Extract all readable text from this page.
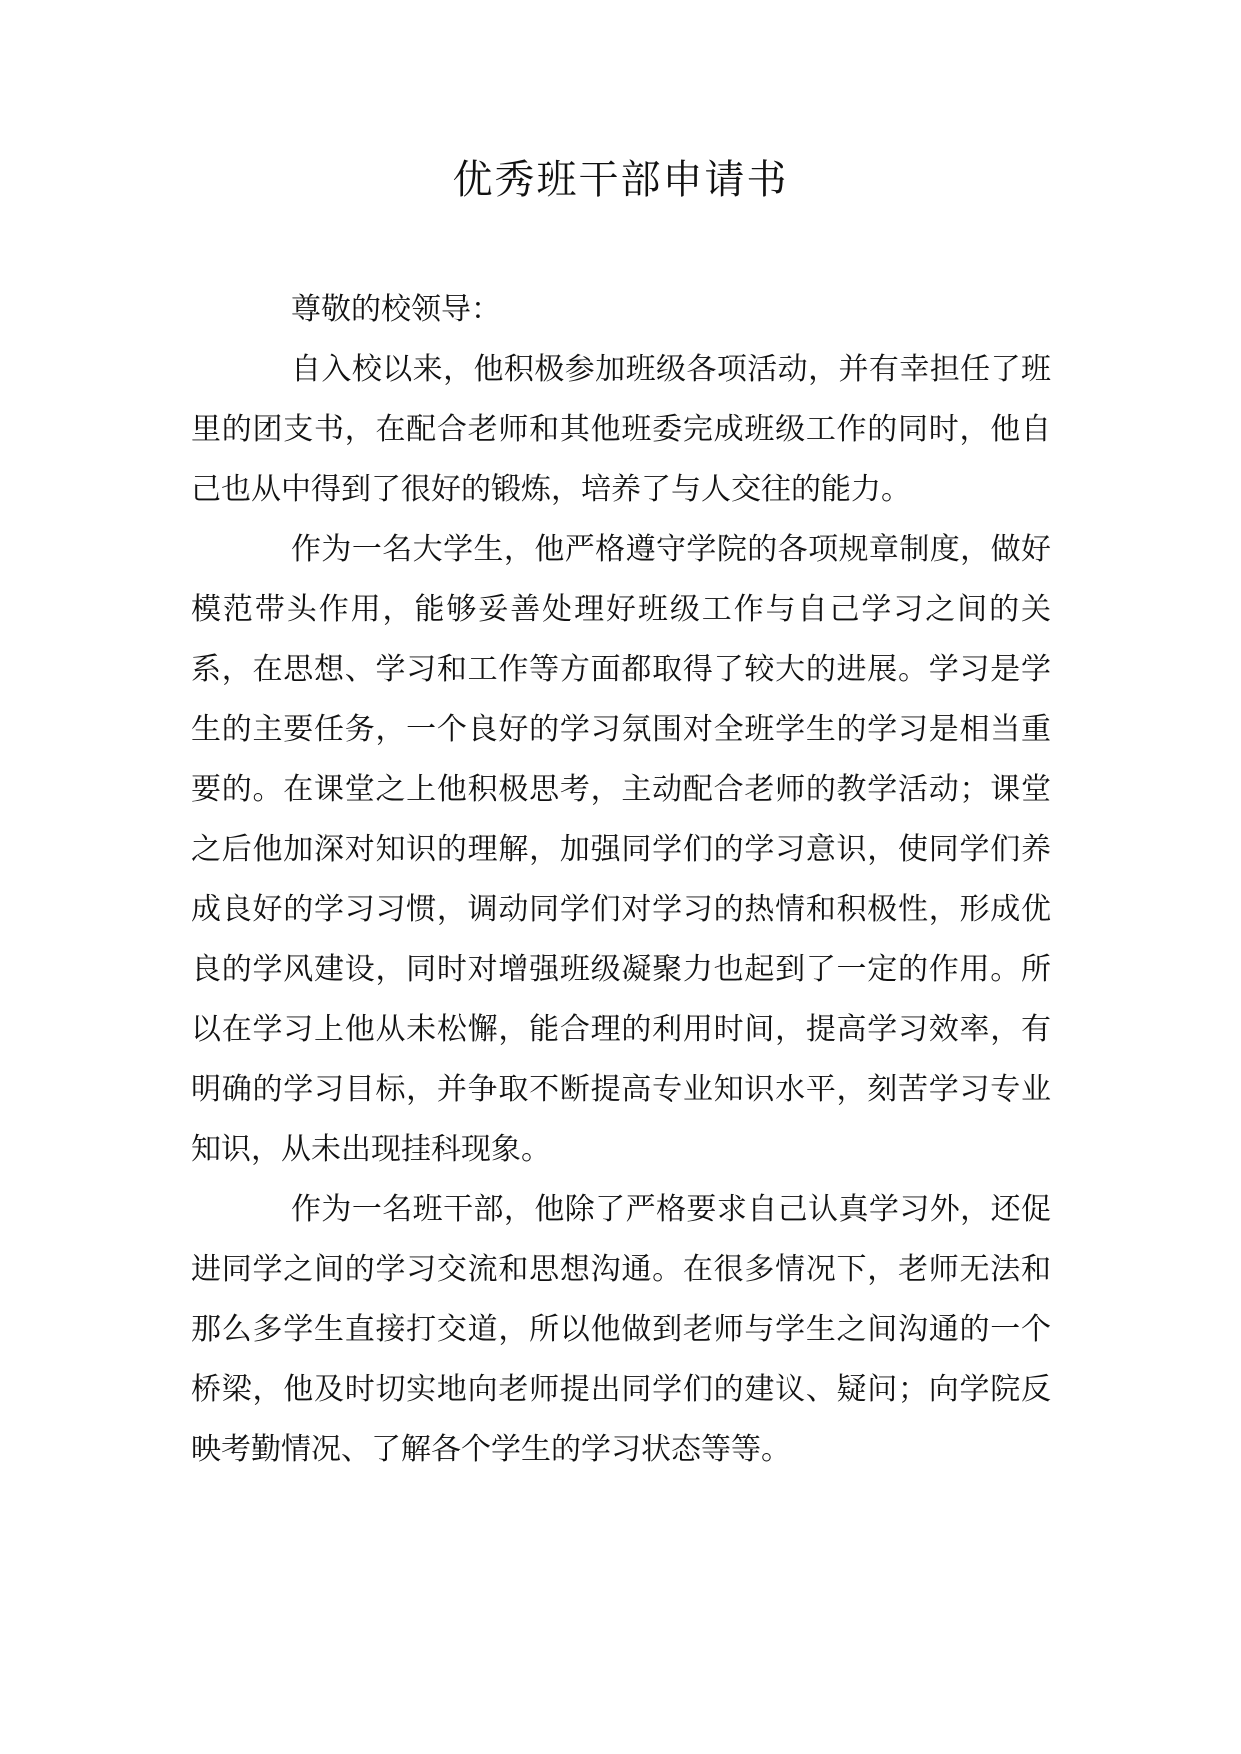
优秀班干部申请书

尊敬的校领导：

自入校以来，他积极参加班级各项活动，并有幸担任了班里的团支书，在配合老师和其他班委完成班级工作的同时，他自己也从中得到了很好的锻炼，培养了与人交往的能力。

作为一名大学生，他严格遵守学院的各项规章制度，做好模范带头作用，能够妥善处理好班级工作与自己学习之间的关系，在思想、学习和工作等方面都取得了较大的进展。学习是学生的主要任务，一个良好的学习氛围对全班学生的学习是相当重要的。在课堂之上他积极思考，主动配合老师的教学活动；课堂之后他加深对知识的理解，加强同学们的学习意识，使同学们养成良好的学习习惯，调动同学们对学习的热情和积极性，形成优良的学风建设，同时对增强班级凝聚力也起到了一定的作用。所以在学习上他从未松懈，能合理的利用时间，提高学习效率，有明确的学习目标，并争取不断提高专业知识水平，刻苦学习专业知识，从未出现挂科现象。

作为一名班干部，他除了严格要求自己认真学习外，还促进同学之间的学习交流和思想沟通。在很多情况下，老师无法和那么多学生直接打交道，所以他做到老师与学生之间沟通的一个桥梁，他及时切实地向老师提出同学们的建议、疑问；向学院反映考勤情况、了解各个学生的学习状态等等。
